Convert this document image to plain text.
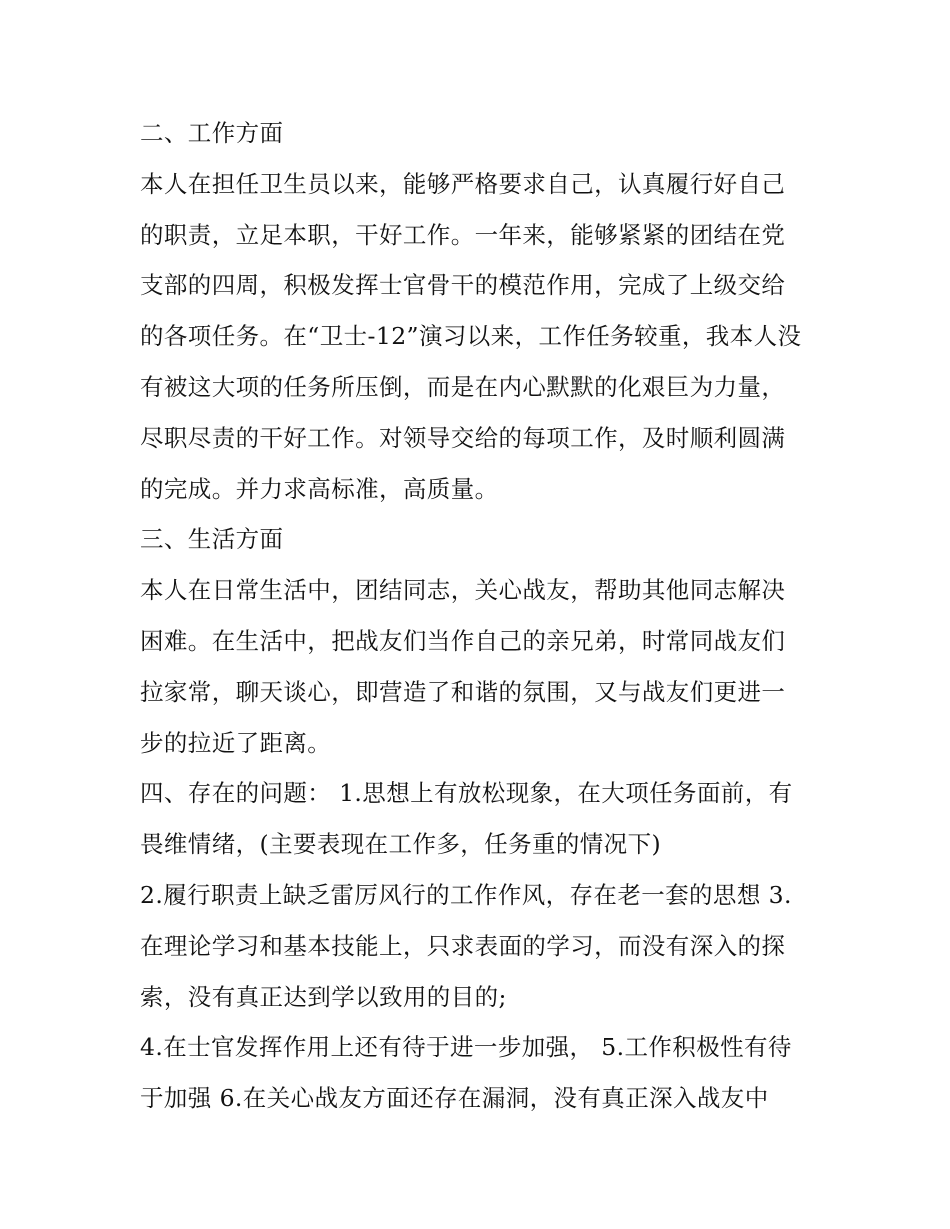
二、工作方面
本人在担任卫生员以来，能够严格要求自己，认真履行好自己
的职责，立足本职，干好工作。一年来，能够紧紧的团结在党
支部的四周，积极发挥士官骨干的模范作用，完成了上级交给
的各项任务。在“卫士-12”演习以来，工作任务较重，我本人没
有被这大项的任务所压倒，而是在内心默默的化艰巨为力量，
尽职尽责的干好工作。对领导交给的每项工作，及时顺利圆满
的完成。并力求高标准，高质量。
三、生活方面
本人在日常生活中，团结同志，关心战友，帮助其他同志解决
困难。在生活中，把战友们当作自己的亲兄弟，时常同战友们
拉家常，聊天谈心，即营造了和谐的氛围，又与战友们更进一
步的拉近了距离。
四、存在的问题： 1.思想上有放松现象，在大项任务面前，有
畏维情绪，(主要表现在工作多，任务重的情况下)
2.履行职责上缺乏雷厉风行的工作作风，存在老一套的思想 3.
在理论学习和基本技能上，只求表面的学习，而没有深入的探
索，没有真正达到学以致用的目的;
4.在士官发挥作用上还有待于进一步加强， 5.工作积极性有待
于加强 6.在关心战友方面还存在漏洞，没有真正深入战友中
